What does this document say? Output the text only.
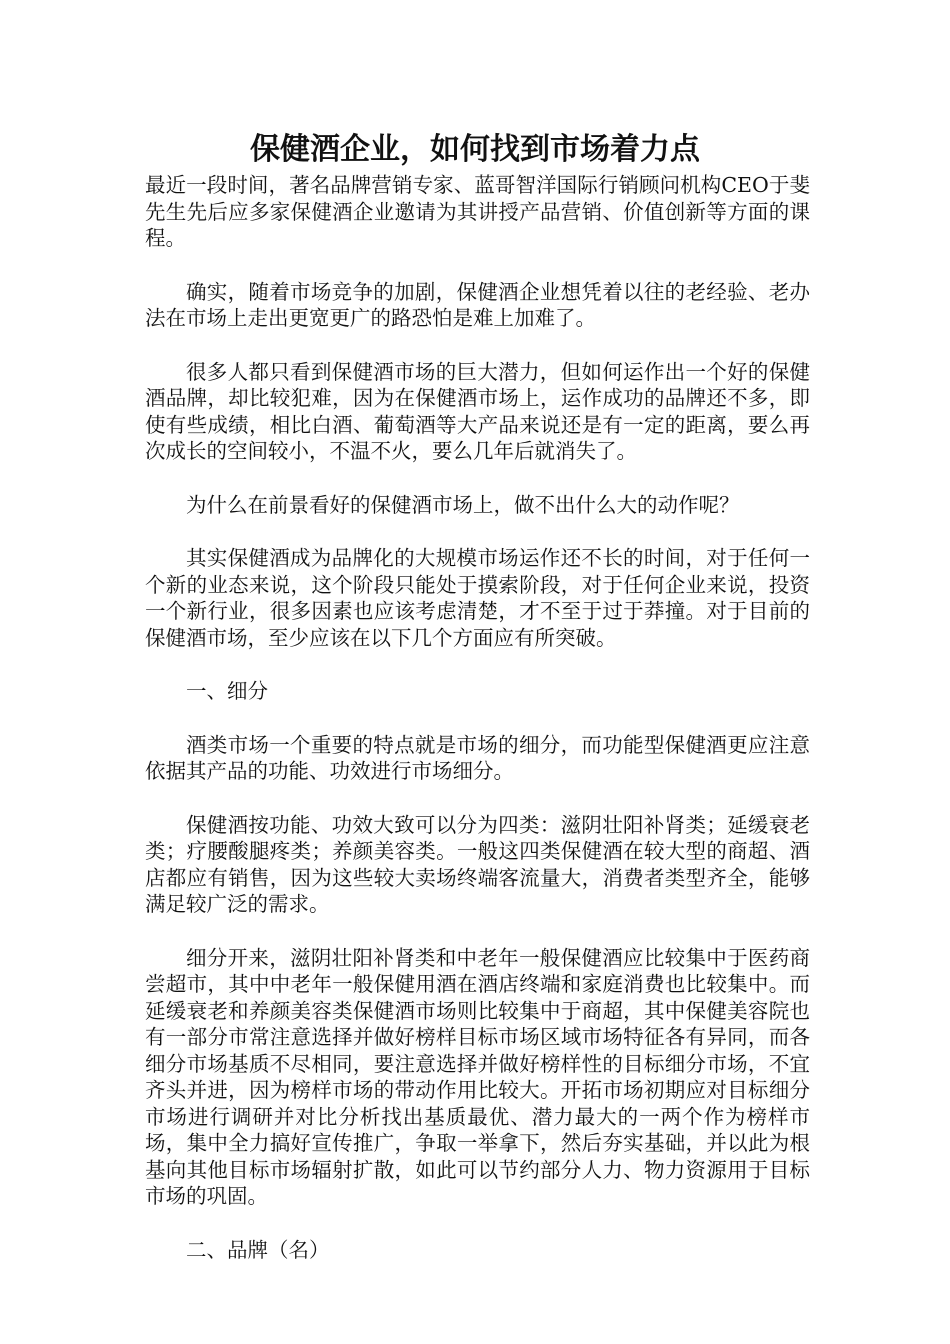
保健酒企业，如何找到市场着力点

最近一段时间，著名品牌营销专家、蓝哥智洋国际行销顾问机构CEO于斐先生先后应多家保健酒企业邀请为其讲授产品营销、价值创新等方面的课程。

确实，随着市场竞争的加剧，保健酒企业想凭着以往的老经验、老办法在市场上走出更宽更广的路恐怕是难上加难了。

很多人都只看到保健酒市场的巨大潜力，但如何运作出一个好的保健酒品牌，却比较犯难，因为在保健酒市场上，运作成功的品牌还不多，即使有些成绩，相比白酒、葡萄酒等大产品来说还是有一定的距离，要么再次成长的空间较小，不温不火，要么几年后就消失了。

为什么在前景看好的保健酒市场上，做不出什么大的动作呢？

其实保健酒成为品牌化的大规模市场运作还不长的时间，对于任何一个新的业态来说，这个阶段只能处于摸索阶段，对于任何企业来说，投资一个新行业，很多因素也应该考虑清楚，才不至于过于莽撞。对于目前的保健酒市场，至少应该在以下几个方面应有所突破。

一、细分

酒类市场一个重要的特点就是市场的细分，而功能型保健酒更应注意依据其产品的功能、功效进行市场细分。

保健酒按功能、功效大致可以分为四类：滋阴壮阳补肾类；延缓衰老类；疗腰酸腿疼类；养颜美容类。一般这四类保健酒在较大型的商超、酒店都应有销售，因为这些较大卖场终端客流量大，消费者类型齐全，能够满足较广泛的需求。

细分开来，滋阴壮阳补肾类和中老年一般保健酒应比较集中于医药商尝超市，其中中老年一般保健用酒在酒店终端和家庭消费也比较集中。而延缓衰老和养颜美容类保健酒市场则比较集中于商超，其中保健美容院也有一部分市常注意选择并做好榜样目标市场区域市场特征各有异同，而各细分市场基质不尽相同，要注意选择并做好榜样性的目标细分市场，不宜齐头并进，因为榜样市场的带动作用比较大。开拓市场初期应对目标细分市场进行调研并对比分析找出基质最优、潜力最大的一两个作为榜样市场，集中全力搞好宣传推广，争取一举拿下，然后夯实基础，并以此为根基向其他目标市场辐射扩散，如此可以节约部分人力、物力资源用于目标市场的巩固。

二、品牌（名）
